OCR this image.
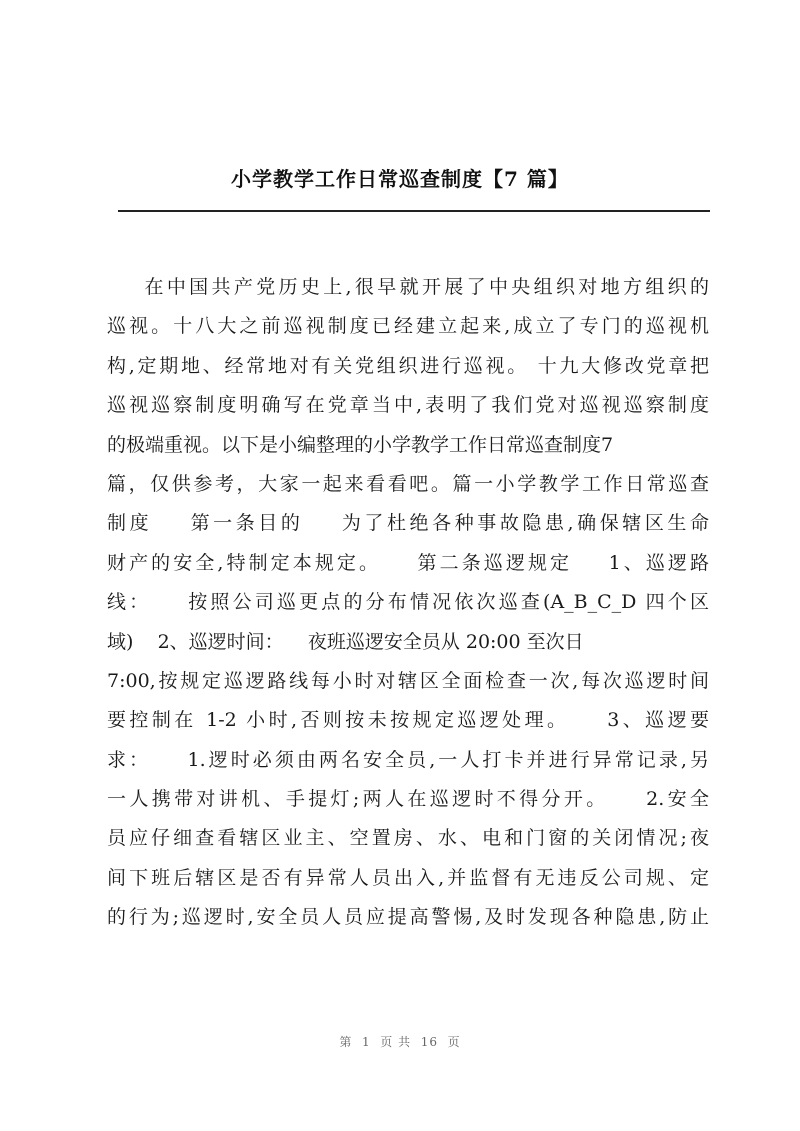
小学教学工作日常巡查制度【7 篇】
在中国共产党历史上,很早就开展了中央组织对地方组织的
巡视。十八大之前巡视制度已经建立起来,成立了专门的巡视机
构,定期地、经常地对有关党组织进行巡视。 十九大修改党章把
巡视巡察制度明确写在党章当中,表明了我们党对巡视巡察制度
的极端重视。以下是小编整理的小学教学工作日常巡查制度7
篇，仅供参考，大家一起来看看吧。篇一小学教学工作日常巡查
制度    第一条目的    为了杜绝各种事故隐患,确保辖区生命
财产的安全,特制定本规定。    第二条巡逻规定    1、巡逻路
线：    按照公司巡更点的分布情况依次巡查(A_B_C_D 四个区
域)    2、巡逻时间：    夜班巡逻安全员从 20:00 至次日
7:00,按规定巡逻路线每小时对辖区全面检查一次,每次巡逻时间
要控制在 1-2 小时,否则按未按规定巡逻处理。    3、巡逻要
求：    1.逻时必须由两名安全员,一人打卡并进行异常记录,另
一人携带对讲机、手提灯;两人在巡逻时不得分开。    2.安全
员应仔细查看辖区业主、空置房、水、电和门窗的关闭情况;夜
间下班后辖区是否有异常人员出入,并监督有无违反公司规、定
的行为;巡逻时,安全员人员应提高警惕,及时发现各种隐患,防止
第  1  页 共  16  页
